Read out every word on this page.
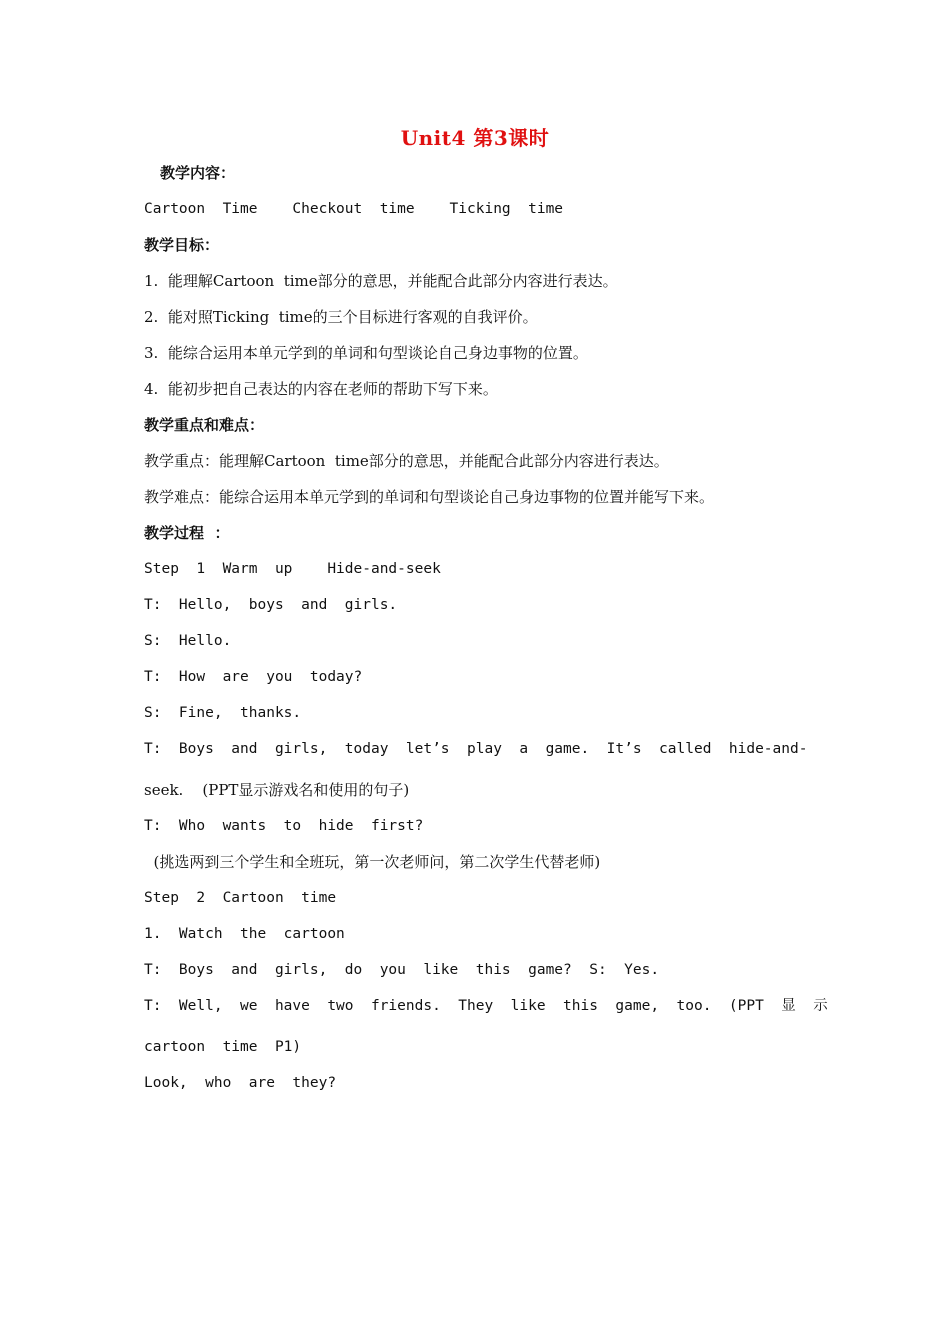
Unit4 第3课时
教学内容：
Cartoon  Time    Checkout  time    Ticking  time
教学目标：
1.  能理解Cartoon  time部分的意思，并能配合此部分内容进行表达。
2.  能对照Ticking  time的三个目标进行客观的自我评价。
3.  能综合运用本单元学到的单词和句型谈论自己身边事物的位置。
4.  能初步把自己表达的内容在老师的帮助下写下来。
教学重点和难点：
教学重点：能理解Cartoon  time部分的意思，并能配合此部分内容进行表达。
教学难点：能综合运用本单元学到的单词和句型谈论自己身边事物的位置并能写下来。
教学过程  ：
Step  1  Warm  up    Hide-and-seek
T:  Hello,  boys  and  girls.
S:  Hello.
T:  How  are  you  today?
S:  Fine,  thanks.
T:  Boys  and  girls,  today  let’s  play  a  game.  It’s  called  hide-and-
seek.    (PPT显示游戏名和使用的句子)
T:  Who  wants  to  hide  first?
(挑选两到三个学生和全班玩，第一次老师问，第二次学生代替老师)
Step  2  Cartoon  time
1.  Watch  the  cartoon
T:  Boys  and  girls,  do  you  like  this  game?  S:  Yes.
T:  Well,  we  have  two  friends.  They  like  this  game,  too.  (PPT  显  示
cartoon  time  P1)
Look,  who  are  they?
